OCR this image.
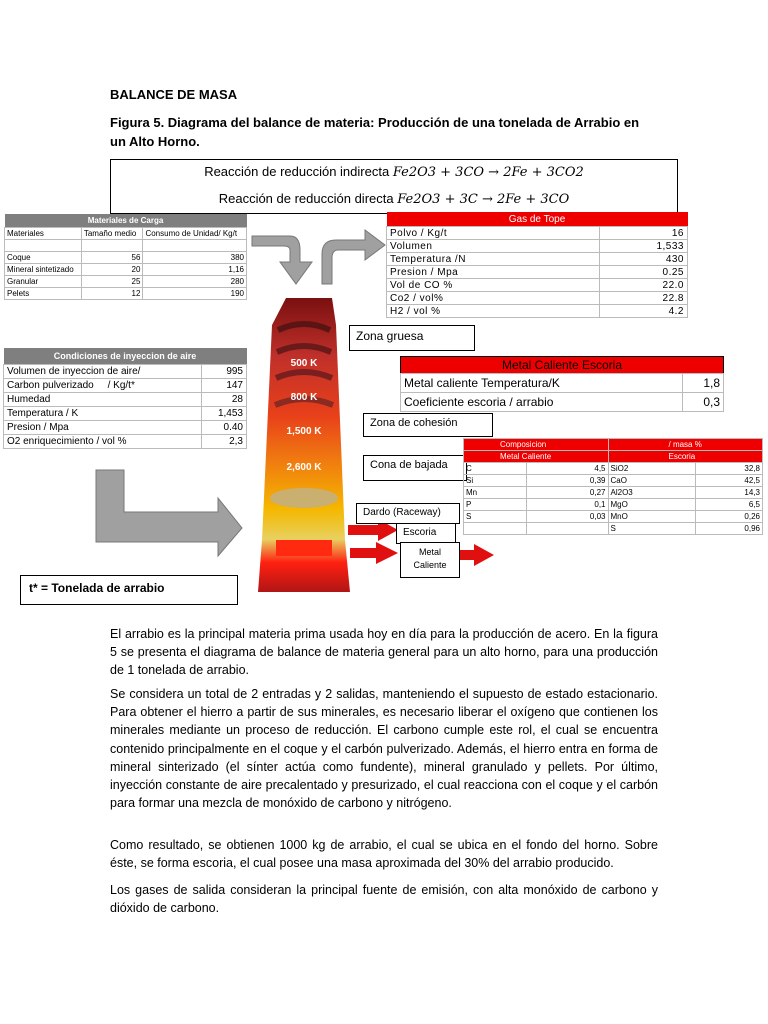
BALANCE DE MASA
Figura 5. Diagrama del balance de materia: Producción de una tonelada de Arrabio en un Alto Horno.
Reacción de reducción indirecta Fe2O3 + 3CO → 2Fe + 3CO2
Reacción de reducción directa Fe2O3 + 3C → 2Fe + 3CO
Materiales de Carga		
Materiales	Tamaño medio	Consumo de Unidad/ Kg/t

Coque	56	380
Mineral sintetizado	20	1,16
Granular	25	280
Pelets	12	190
500 K
800 K
1,500 K
2,600 K
Gas de Tope	
Polvo / Kg/t	16
Volumen	1,533
Temperatura /N	430
Presion / Mpa	0.25
Vol de CO %	22.0
Co2 / vol%	22.8
H2 / vol %	4.2
Condiciones de inyeccion de aire	
Volumen de inyeccion de aire/	995
Carbon pulverizado     / Kg/t*	147
Humedad	28
Temperatura / K	1,453
Presion / Mpa	0.40
O2 enriquecimiento / vol %	2,3
Zona gruesa
Zona de cohesión
Cona de bajada
Dardo (Raceway)
Escoria
Metal
Caliente
Metal Caliente Escoria	
Metal caliente Temperatura/K	1,8
Coeficiente escoria / arrabio	0,3
Composicion		/ masa %	
Metal Caliente		Escoria	
C	4,5	SiO2	32,8
Si	0,39	CaO	42,5
Mn	0,27	Al2O3	14,3
P	0,1	MgO	6,5
S	0,03	MnO	0,26
		S	0,96
t* = Tonelada de arrabio

El arrabio es la principal materia prima usada hoy en día para la producción de acero. En la figura 5 se presenta el diagrama de balance de materia general para un alto horno, para una producción de 1 tonelada de arrabio.

Se considera un total de 2 entradas y 2 salidas, manteniendo el supuesto de estado estacionario. Para obtener el hierro a partir de sus minerales, es necesario liberar el oxígeno que contienen los minerales mediante un proceso de reducción. El carbono cumple este rol, el cual se encuentra contenido principalmente en el coque y el carbón pulverizado. Además, el hierro entra en forma de mineral sinterizado (el sínter actúa como fundente), mineral granulado y pellets. Por último, inyección constante de aire precalentado y presurizado, el cual reacciona con el coque y el carbón para formar una mezcla de monóxido de carbono y nitrógeno.

Como resultado, se obtienen 1000 kg de arrabio, el cual se ubica en el fondo del horno. Sobre éste, se forma escoria, el cual posee una masa aproximada del 30% del arrabio producido.

Los gases de salida consideran la principal fuente de emisión, con alta monóxido de carbono y dióxido de carbono.
